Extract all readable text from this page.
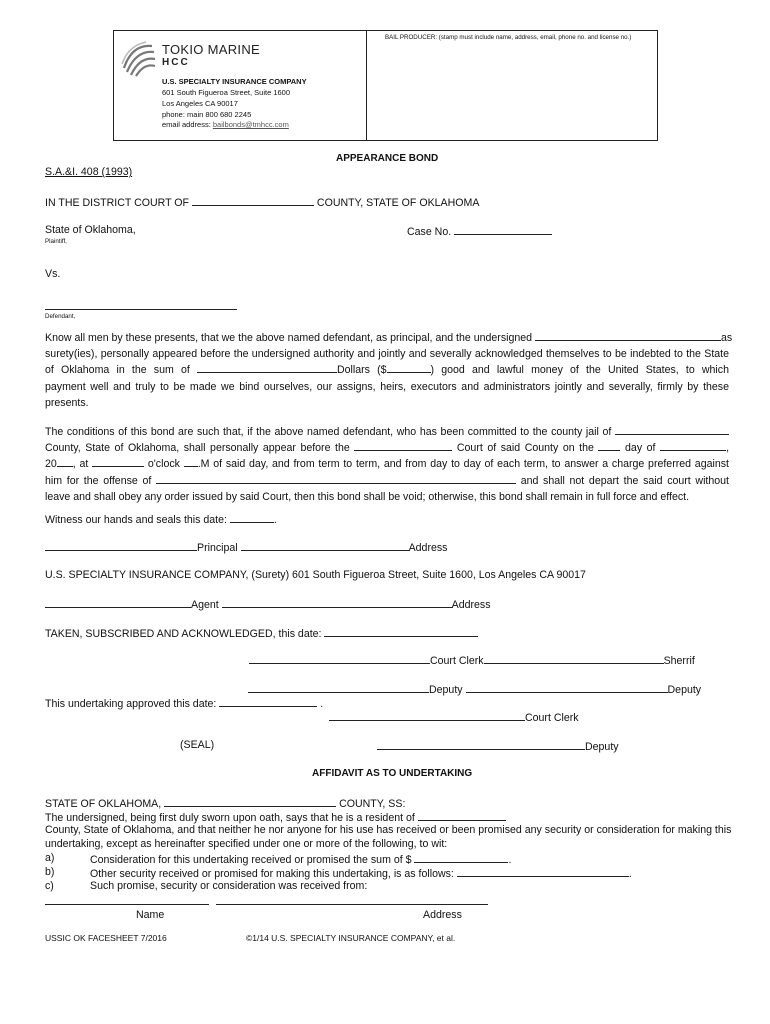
BAIL PRODUCER: (stamp must include name, address, email, phone no. and license no.)
TOKIO MARINE
HCC
U.S. SPECIALTY INSURANCE COMPANY
601 South Figueroa Street, Suite 1600
Los Angeles CA 90017
phone: main 800 680 2245
email address: bailbonds@tmhcc.com
APPEARANCE BOND
S.A.&I. 408 (1993)
IN THE DISTRICT COURT OF	COUNTY, STATE OF OKLAHOMA
State of Oklahoma,	Case No.
Plaintiff,
Vs.
Defendant,
Know all men by these presents, that we the above named defendant, as principal, and the undersigned	as
surety(ies), personally appeared before the undersigned authority and jointly and severally acknowledged themselves to be indebted to the State
of Oklahoma in the sum of	Dollars ($	) good and lawful money of the United States, to which
payment well and truly to be made we bind ourselves, our assigns, heirs, executors and administrators jointly and severally, firmly by these
presents.
The conditions of this bond are such that, if the above named defendant, who has been committed to the county jail of
County, State of Oklahoma, shall personally appear before the	Court of said County on the	day of	,
20 , at	o'clock .M of said day, and from term to term, and from day to day of each term, to answer a charge preferred against
him for the offense of	and shall not depart the said court without
leave and shall obey any order issued by said Court, then this bond shall be void; otherwise, this bond shall remain in full force and effect.
Witness our hands and seals this date:	.
Principal	Address
U.S. SPECIALTY INSURANCE COMPANY, (Surety) 601 South Figueroa Street, Suite 1600, Los Angeles CA 90017
Agent	Address
TAKEN, SUBSCRIBED AND ACKNOWLEDGED, this date:
Court Clerk	Sherrif
Deputy	Deputy
This undertaking approved this date:	.
Court Clerk
(SEAL)	Deputy
AFFIDAVIT AS TO UNDERTAKING
STATE OF OKLAHOMA,	COUNTY, SS:
The undersigned, being first duly sworn upon oath, says that he is a resident of
County, State of Oklahoma, and that neither he nor anyone for his use has received or been promised any security or consideration for making this
undertaking, except as hereinafter specified under one or more of the following, to wit:
a)	Consideration for this undertaking received or promised the sum of $	.
b)	Other security received or promised for making this undertaking, is as follows:	.
c)	Such promise, security or consideration was received from:
Name	Address
USSIC OK FACESHEET 7/2016	©1/14 U.S. SPECIALTY INSURANCE COMPANY, et al.
